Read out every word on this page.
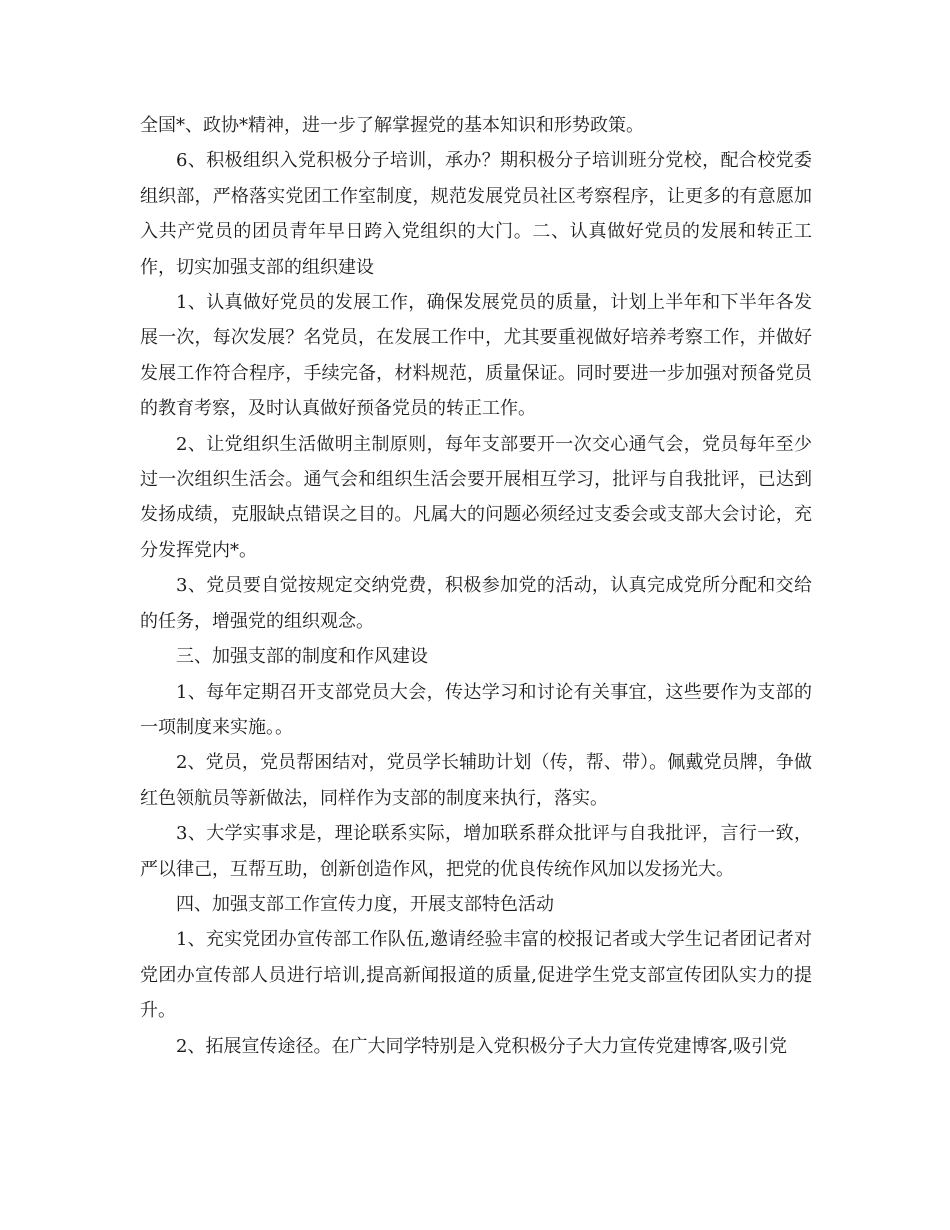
全国*、政协*精神，进一步了解掌握党的基本知识和形势政策。

6、积极组织入党积极分子培训，承办？期积极分子培训班分党校，配合校党委组织部，严格落实党团工作室制度，规范发展党员社区考察程序，让更多的有意愿加入共产党员的团员青年早日跨入党组织的大门。二、认真做好党员的发展和转正工作，切实加强支部的组织建设

1、认真做好党员的发展工作，确保发展党员的质量，计划上半年和下半年各发展一次，每次发展？名党员，在发展工作中，尤其要重视做好培养考察工作，并做好发展工作符合程序，手续完备，材料规范，质量保证。同时要进一步加强对预备党员的教育考察，及时认真做好预备党员的转正工作。

2、让党组织生活做明主制原则，每年支部要开一次交心通气会，党员每年至少过一次组织生活会。通气会和组织生活会要开展相互学习，批评与自我批评，已达到发扬成绩，克服缺点错误之目的。凡属大的问题必须经过支委会或支部大会讨论，充分发挥党内*。

3、党员要自觉按规定交纳党费，积极参加党的活动，认真完成党所分配和交给的任务，增强党的组织观念。

三、加强支部的制度和作风建设

1、每年定期召开支部党员大会，传达学习和讨论有关事宜，这些要作为支部的一项制度来实施。。

2、党员，党员帮困结对，党员学长辅助计划（传，帮、带）。佩戴党员牌，争做红色领航员等新做法，同样作为支部的制度来执行，落实。

3、大学实事求是，理论联系实际，增加联系群众批评与自我批评，言行一致，严以律己，互帮互助，创新创造作风，把党的优良传统作风加以发扬光大。

四、加强支部工作宣传力度，开展支部特色活动

1、充实党团办宣传部工作队伍,邀请经验丰富的校报记者或大学生记者团记者对党团办宣传部人员进行培训,提高新闻报道的质量,促进学生党支部宣传团队实力的提升。

2、拓展宣传途径。在广大同学特别是入党积极分子大力宣传党建博客,吸引党
